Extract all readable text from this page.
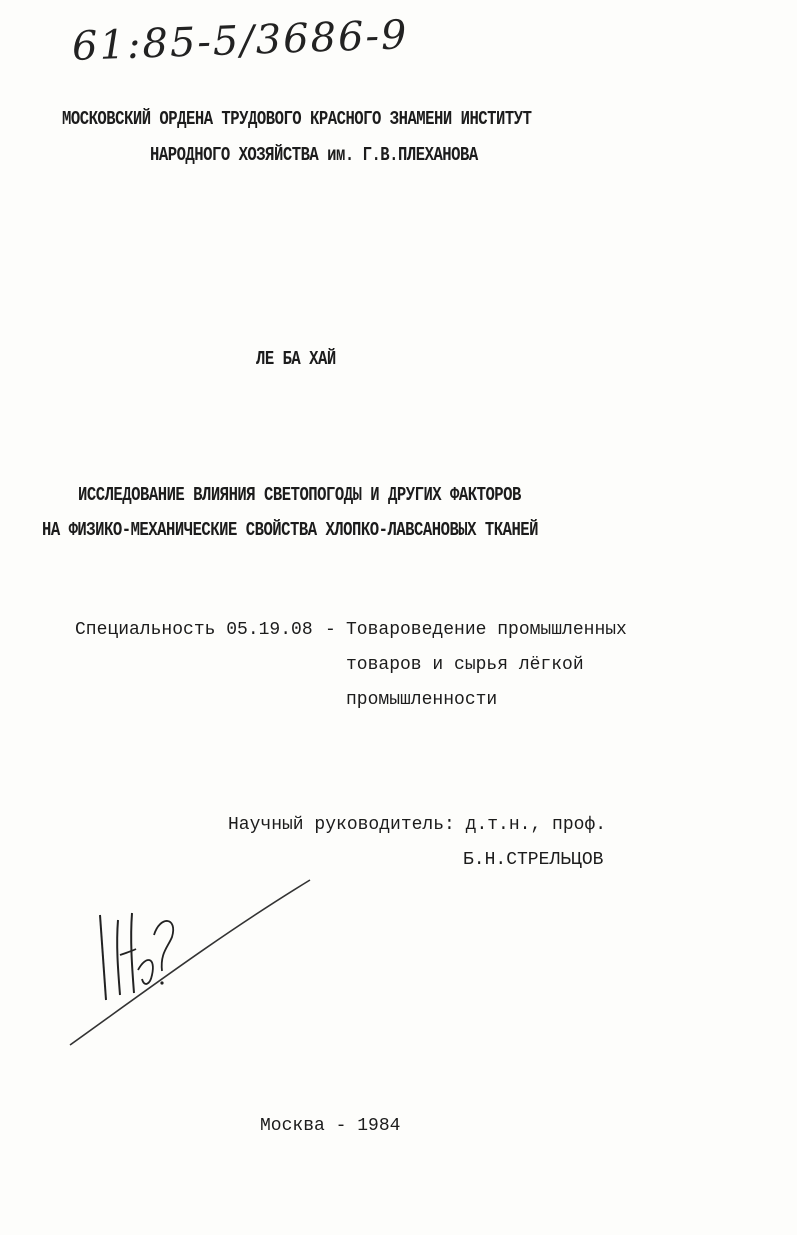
61:85-5/3686-9
МОСКОВСКИЙ ОРДЕНА ТРУДОВОГО КРАСНОГО ЗНАМЕНИ ИНСТИТУТ
НАРОДНОГО ХОЗЯЙСТВА им. Г.В.ПЛЕХАНОВА
ЛЕ БА ХАЙ
ИССЛЕДОВАНИЕ ВЛИЯНИЯ СВЕТОПОГОДЫ И ДРУГИХ ФАКТОРОВ
НА ФИЗИКО-МЕХАНИЧЕСКИЕ СВОЙСТВА ХЛОПКО-ЛАВСАНОВЫХ ТКАНЕЙ
Специальность 05.19.08 - Товароведение промышленных
товаров и сырья лёгкой
промышленности
Научный руководитель: д.т.н., проф.
Б.Н.СТРЕЛЬЦОВ
Москва - 1984
